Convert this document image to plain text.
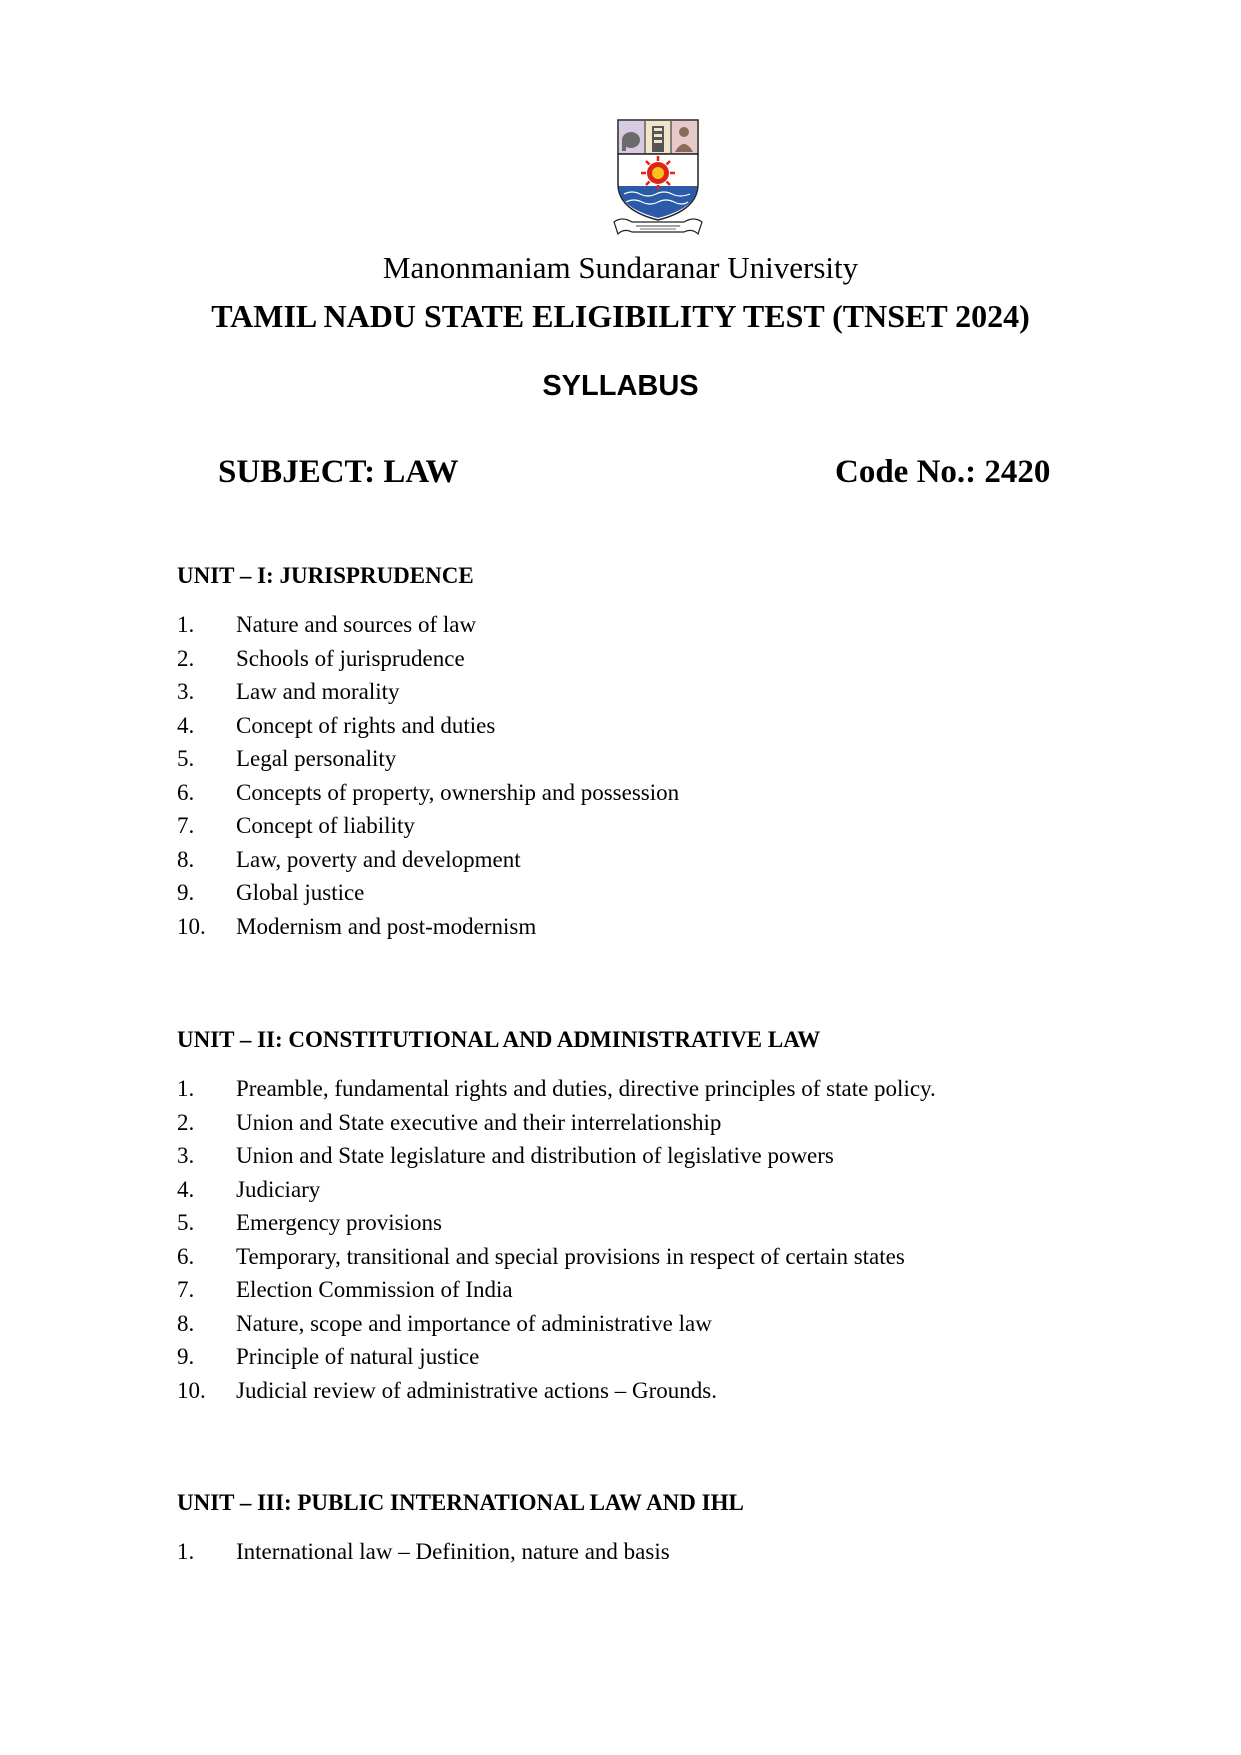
Manonmaniam Sundaranar University
TAMIL NADU STATE ELIGIBILITY TEST (TNSET 2024)
SYLLABUS
SUBJECT: LAW	Code No.: 2420
UNIT – I: JURISPRUDENCE
1.	Nature and sources of law
2.	Schools of jurisprudence
3.	Law and morality
4.	Concept of rights and duties
5.	Legal personality
6.	Concepts of property, ownership and possession
7.	Concept of liability
8.	Law, poverty and development
9.	Global justice
10.	Modernism and post-modernism
UNIT – II: CONSTITUTIONAL AND ADMINISTRATIVE LAW
1.	Preamble, fundamental rights and duties, directive principles of state policy.
2.	Union and State executive and their interrelationship
3.	Union and State legislature and distribution of legislative powers
4.	Judiciary
5.	Emergency provisions
6.	Temporary, transitional and special provisions in respect of certain states
7.	Election Commission of India
8.	Nature, scope and importance of administrative law
9.	Principle of natural justice
10.	Judicial review of administrative actions – Grounds.
UNIT – III: PUBLIC INTERNATIONAL LAW AND IHL
1.	International law – Definition, nature and basis
